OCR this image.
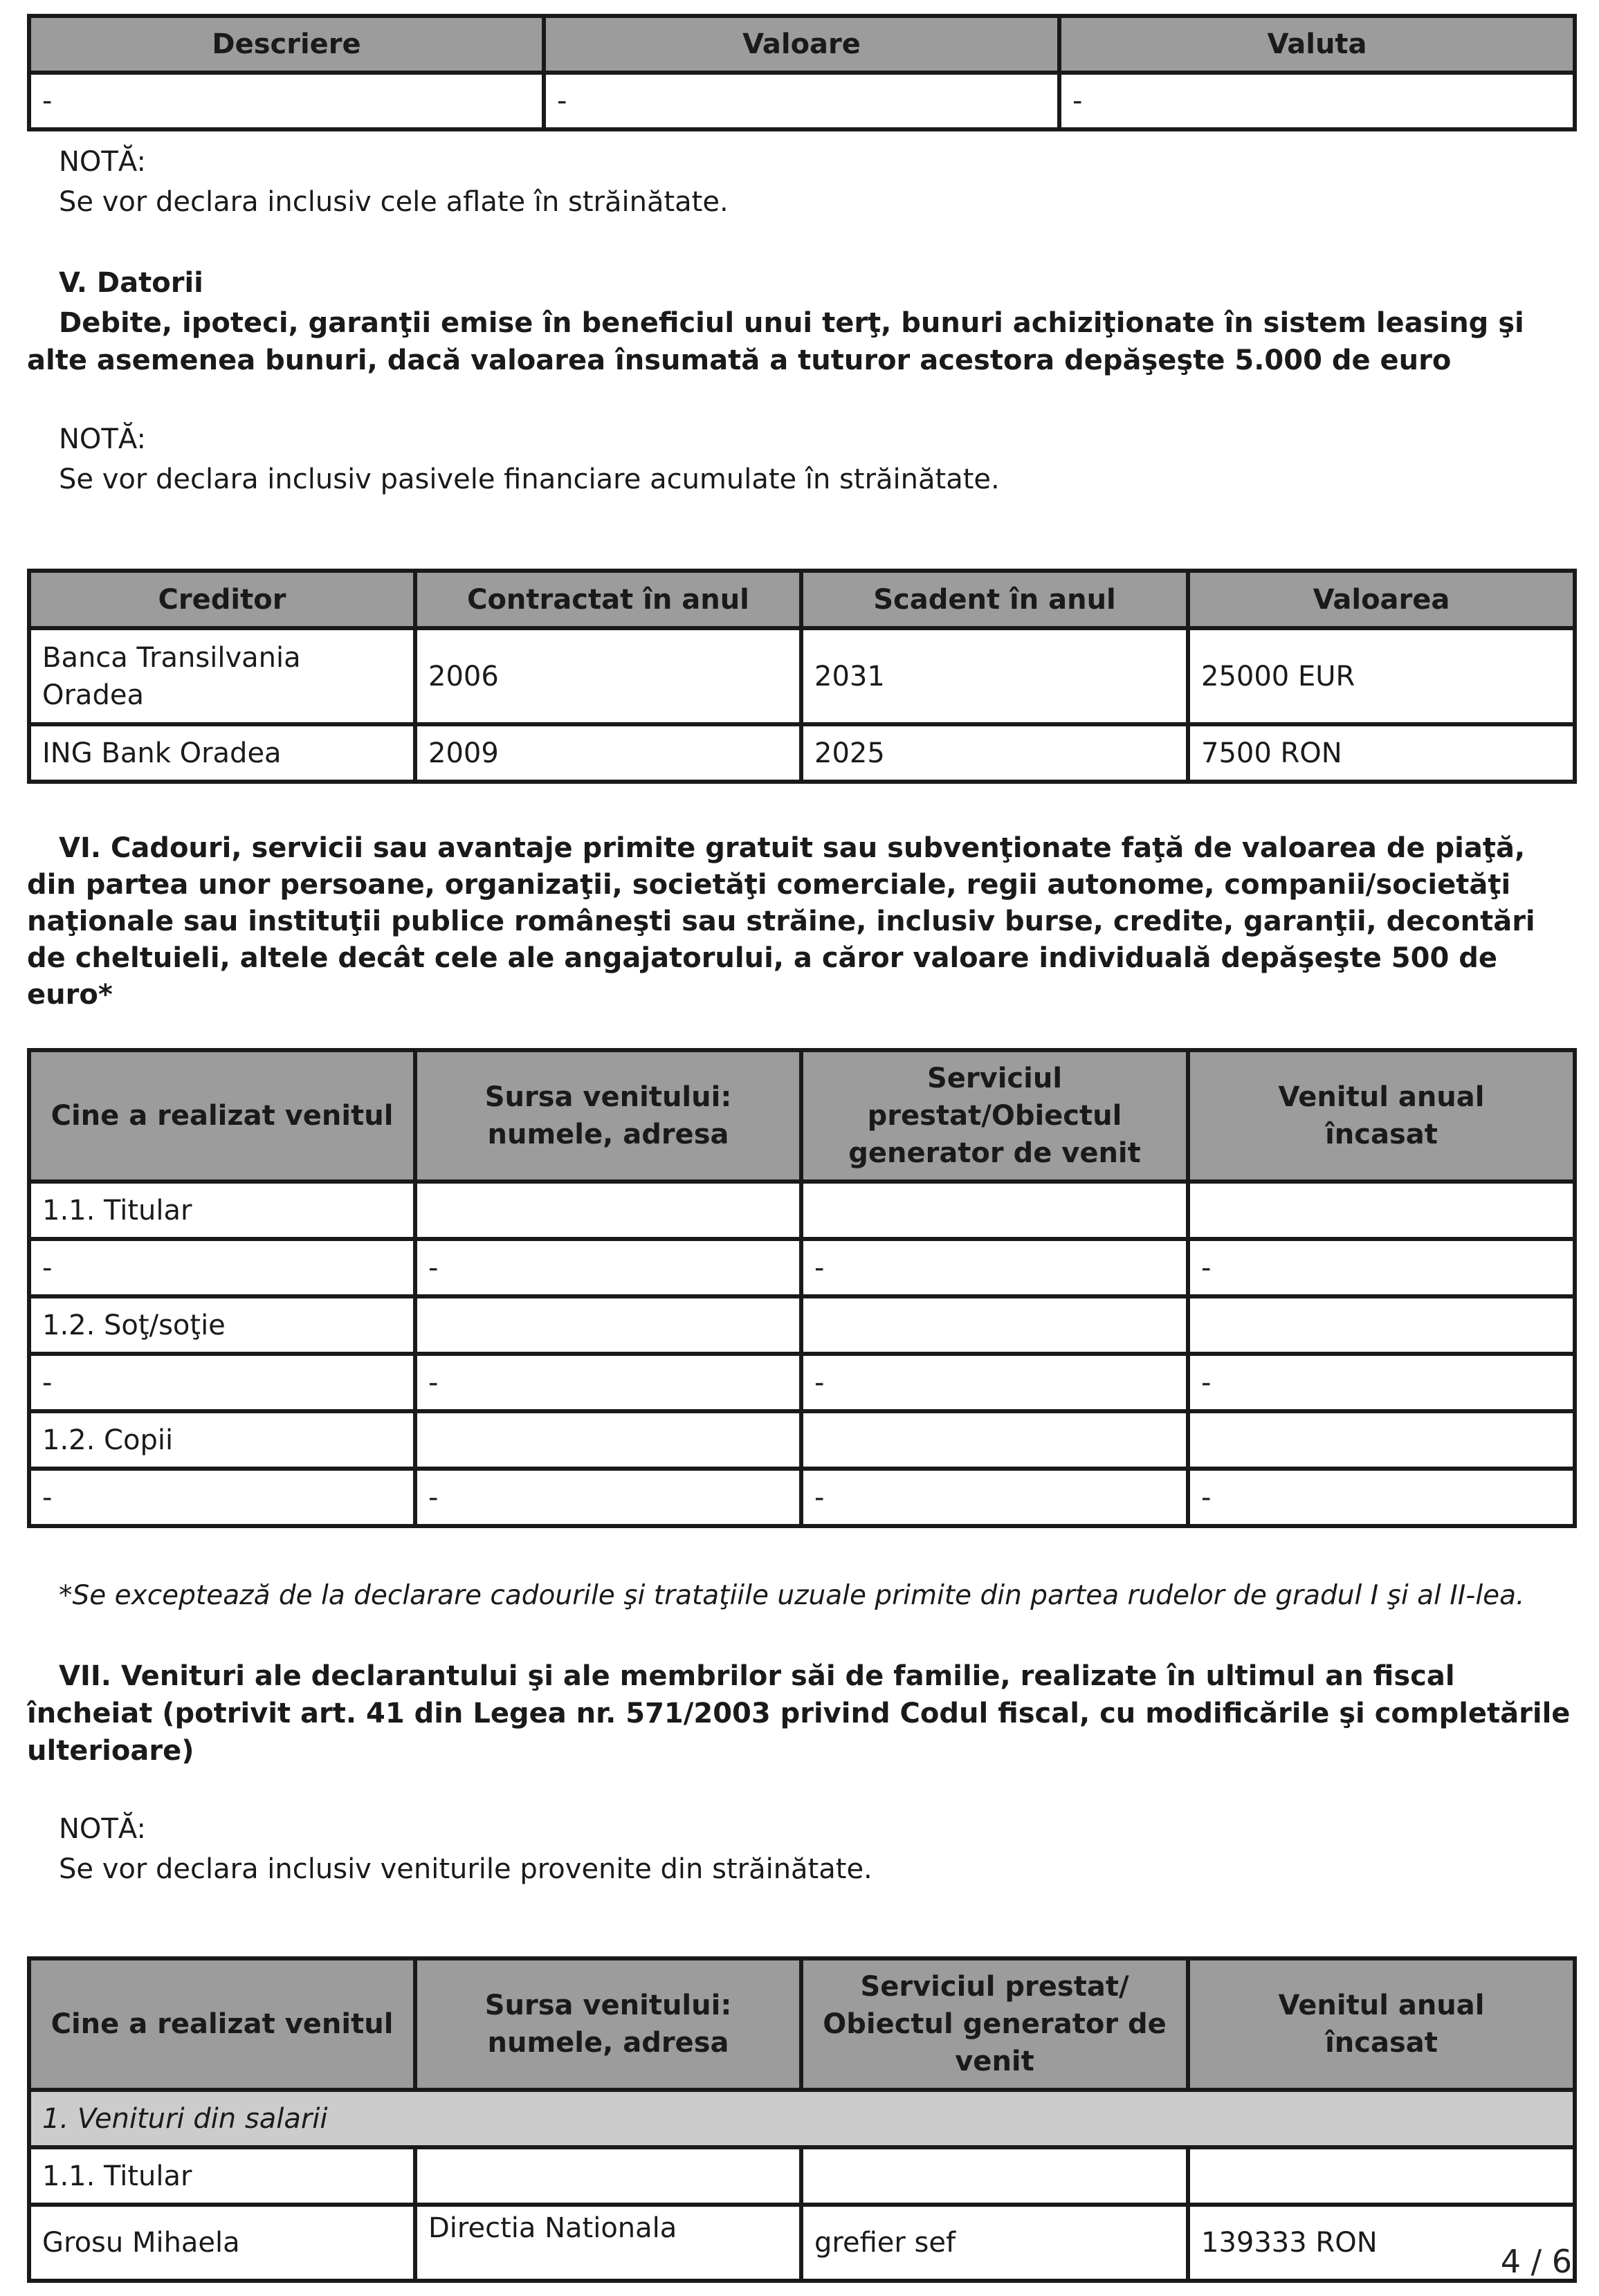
Descriere	Valoare	Valuta
-	-	-
NOTĂ:
Se vor declara inclusiv cele aflate în străinătate.
V. Datorii
Debite, ipoteci, garanţii emise în beneficiul unui terţ, bunuri achiziţionate în sistem leasing şi alte asemenea bunuri, dacă valoarea însumată a tuturor acestora depăşeşte 5.000 de euro
NOTĂ:
Se vor declara inclusiv pasivele financiare acumulate în străinătate.
Creditor	Contractat în anul	Scadent în anul	Valoarea
Banca Transilvania Oradea	2006	2031	25000 EUR
ING Bank Oradea	2009	2025	7500 RON
VI. Cadouri, servicii sau avantaje primite gratuit sau subvenţionate faţă de valoarea de piaţă, din partea unor persoane, organizaţii, societăţi comerciale, regii autonome, companii/societăţi naţionale sau instituţii publice româneşti sau străine, inclusiv burse, credite, garanţii, decontări de cheltuieli, altele decât cele ale angajatorului, a căror valoare individuală depăşeşte 500 de euro*
Cine a realizat venitul	Sursa venitului: numele, adresa	Serviciul prestat/Obiectul generator de venit	Venitul anual încasat
1.1. Titular			
-	-	-	-
1.2. Soţ/soţie			
-	-	-	-
1.2. Copii			
-	-	-	-
*Se exceptează de la declarare cadourile şi trataţiile uzuale primite din partea rudelor de gradul I şi al II-lea.
VII. Venituri ale declarantului şi ale membrilor săi de familie, realizate în ultimul an fiscal încheiat (potrivit art. 41 din Legea nr. 571/2003 privind Codul fiscal, cu modificările şi completările ulterioare)
NOTĂ:
Se vor declara inclusiv veniturile provenite din străinătate.
Cine a realizat venitul	Sursa venitului: numele, adresa	Serviciul prestat/ Obiectul generator de venit	Venitul anual încasat
1. Venituri din salarii			
1.1. Titular			
Grosu Mihaela	Directia Nationala	grefier sef	139333 RON	4 / 6
